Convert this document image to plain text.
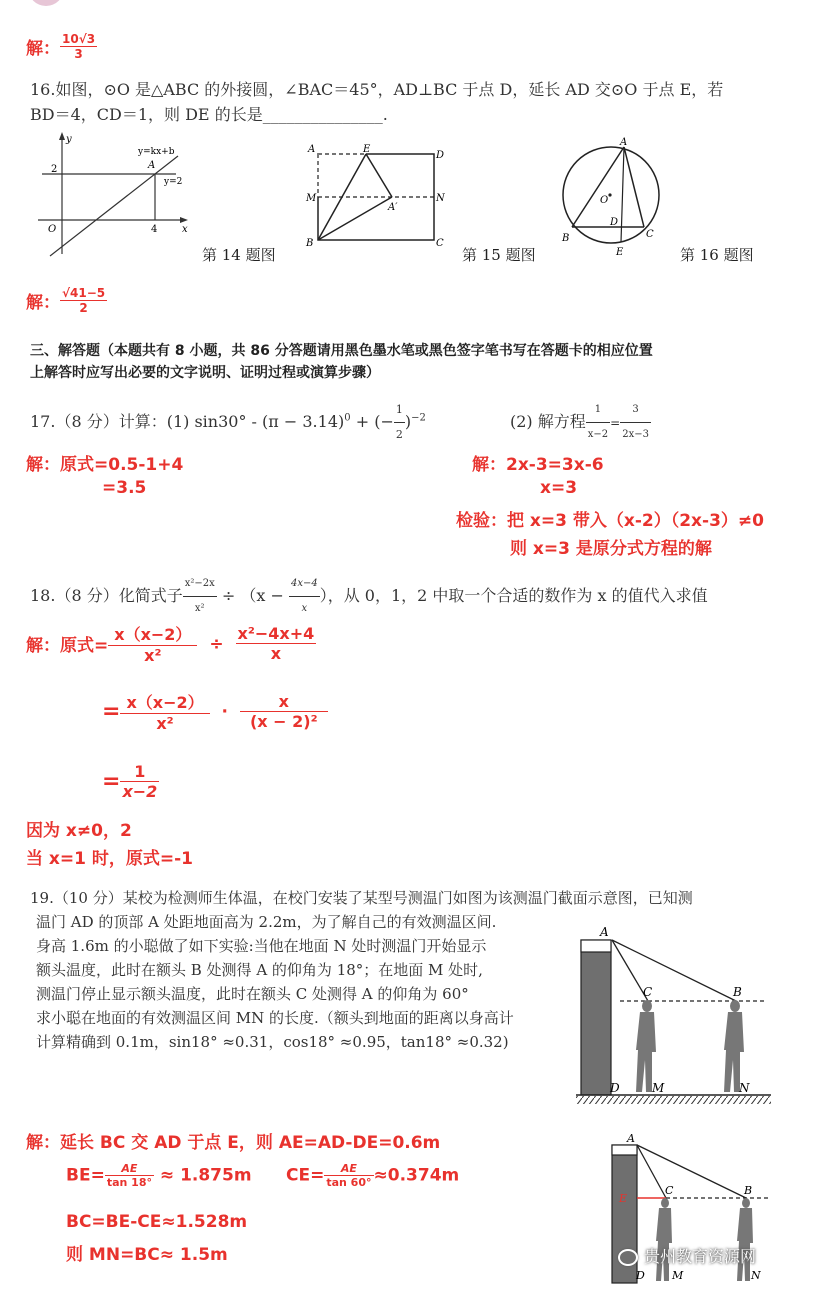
解： $\frac{10√3}{3}$
16.如图，⊙O 是△ABC 的外接圆，∠BAC＝45°，AD⊥BC 于点 D，延长 AD 交⊙O 于点 E，若
BD＝4，CD＝1，则 DE 的长是_______________.
y
x
O
2
4
A
y=kx+b
y=2
第 14 题图
A	E
D
M	N
A′
B	C
第 15 题图
A
O
B
D
C
E	第 16 题图
解： $\frac{√41-5}{2}$
三、解答题（本题共有 8 小题，共 86 分答题请用黑色墨水笔或黑色签字笔书写在答题卡的相应位置
上解答时应写出必要的文字说明、证明过程或演算步骤）
17.（8 分）计算：(1) $\sin 30^\circ - (\pi - 3.14)^0$ + (− $\frac{1}{2} )^{-2}$	(2) 解方程 $\frac{1}{x-2} = \frac{3}{2x-3}$
解：原式=0.5-1+4
=3.5
解：2x-3=3x-6
x=3
检验：把 x=3 带入（x-2）（2x-3）≠0
则 x=3 是原分式方程的解
18.（8 分）化简式子 $\frac{\text{x²−2x}}{\text{x²}} \div (x - \frac{4x-4}{x}$ ），从 0，1，2 中取一个合适的数作为 x 的值代入求值
解：原式= $\frac{x(x-2)}{\text{x²}} \div \frac{\text{x²−4x+4}}{x}$
= $\frac{x(x-2)}{\text{x²}} \cdot \frac{x}{\text{(x − 2)²}}$
= $\frac{1}{x-2}$
因为 x≠0，2
当 x=1 时，原式=-1
19.（10 分）某校为检测师生体温，在校门安装了某型号测温门如图为该测温门截面示意图，已知测
温门 AD 的顶部 A 处距地面高为 2.2m，为了解自己的有效测温区间.
身高 1.6m 的小聪做了如下实验:当他在地面 N 处时测温门开始显示
额头温度，此时在额头 B 处测得 A 的仰角为 18°；在地面 M 处时,
测温门停止显示额头温度，此时在额头 C 处测得 A 的仰角为 60°
求小聪在地面的有效测温区间 MN 的长度.（额头到地面的距离以身高计
计算精确到 0.1m，sin18° ≈0.31，cos18° ≈0.95，tan18° ≈0.32)
A
C	B
D	M	N
解：延长 BC 交 AD 于点 E，则 AE=AD-DE=0.6m
$BE= \frac{AE}{\tan 18^\circ} \approx 1.875m$ $CE= \frac{AE}{\tan 60^\circ} \approx 0.374m$
BC=BE-CE≈1.528m
则 MN=BC≈ 1.5m
A
E
C	B
D M	N
贵州教育资源网
